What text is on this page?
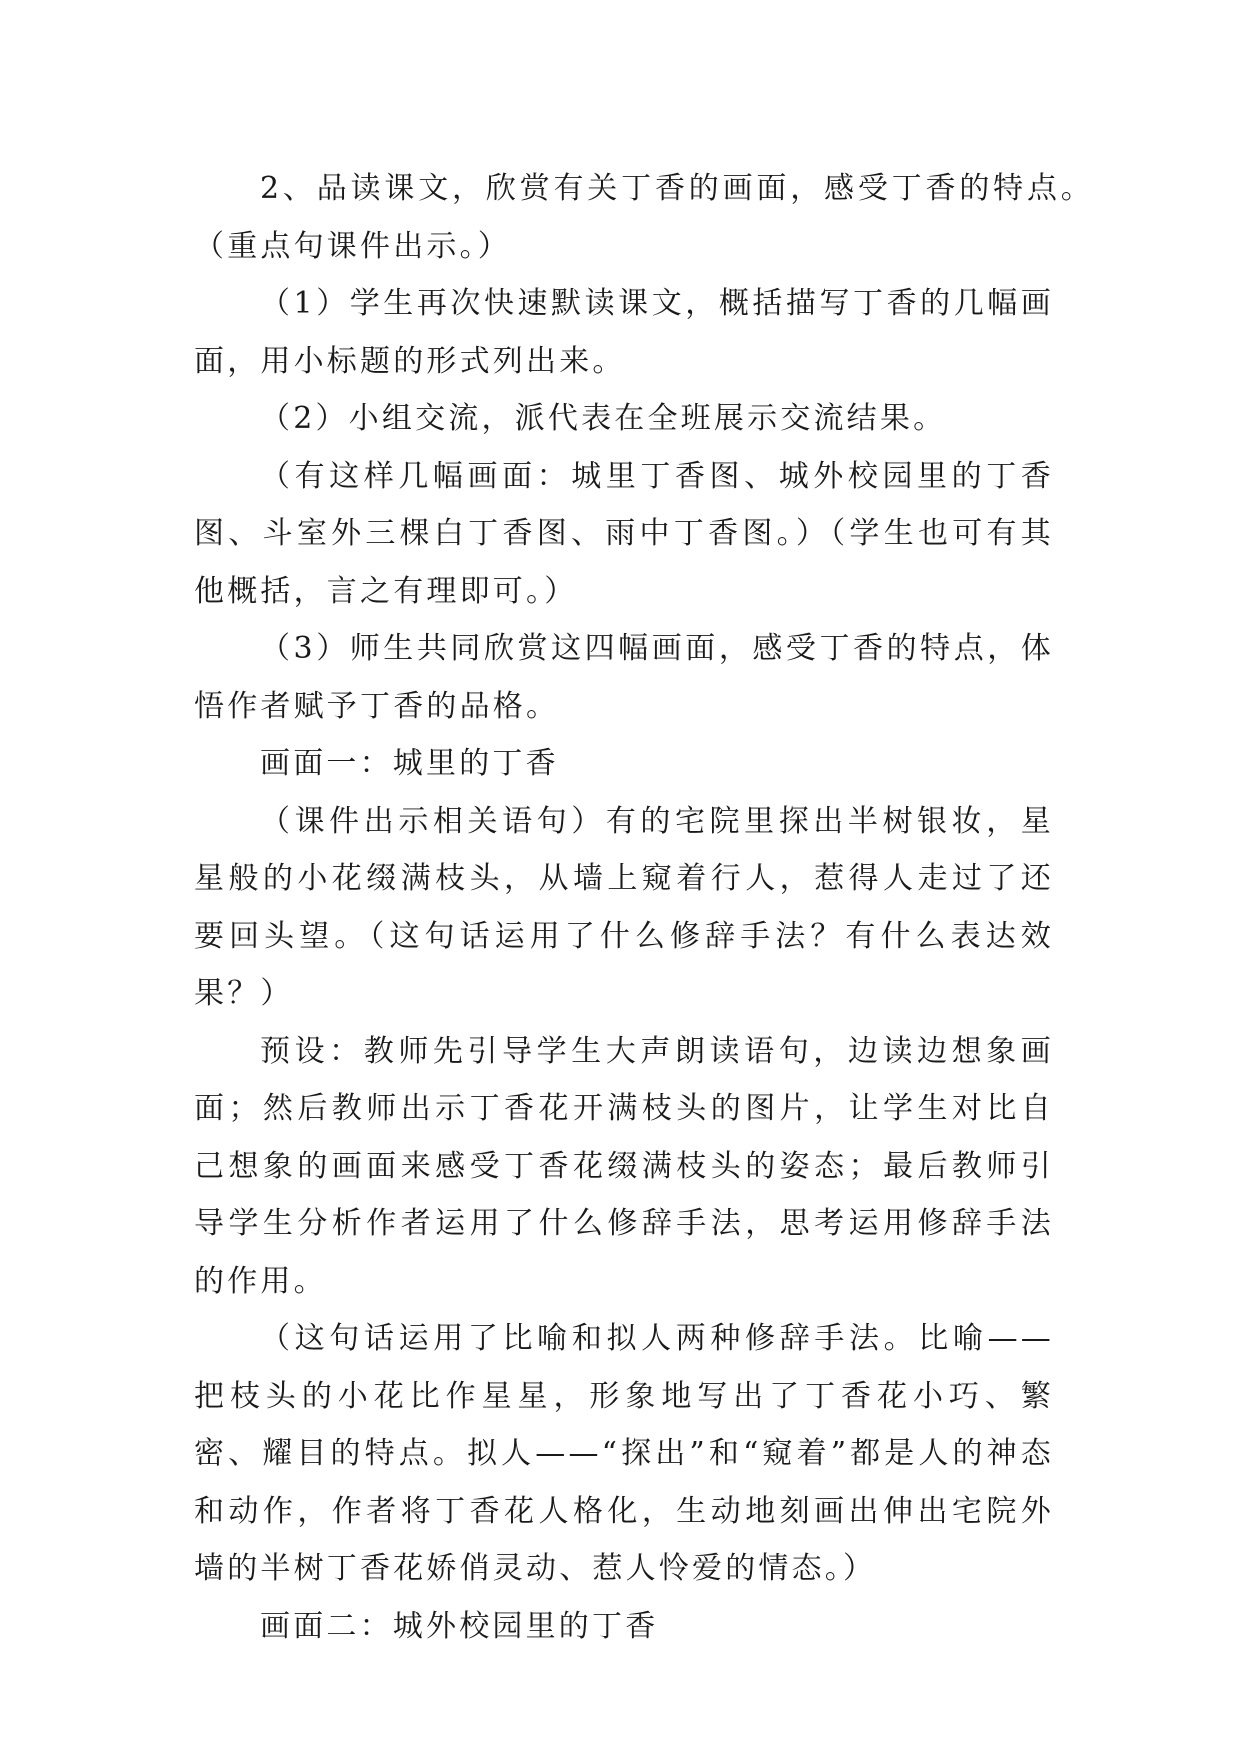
2、品读课文，欣赏有关丁香的画面，感受丁香的特点。（重点句课件出示。）

（1）学生再次快速默读课文，概括描写丁香的几幅画面，用小标题的形式列出来。

（2）小组交流，派代表在全班展示交流结果。

（有这样几幅画面：城里丁香图、城外校园里的丁香图、斗室外三棵白丁香图、雨中丁香图。）（学生也可有其他概括，言之有理即可。）

（3）师生共同欣赏这四幅画面，感受丁香的特点，体悟作者赋予丁香的品格。

画面一：城里的丁香

（课件出示相关语句）有的宅院里探出半树银妆，星星般的小花缀满枝头，从墙上窥着行人，惹得人走过了还要回头望。（这句话运用了什么修辞手法？有什么表达效果？）

预设：教师先引导学生大声朗读语句，边读边想象画面；然后教师出示丁香花开满枝头的图片，让学生对比自己想象的画面来感受丁香花缀满枝头的姿态；最后教师引导学生分析作者运用了什么修辞手法，思考运用修辞手法的作用。

（这句话运用了比喻和拟人两种修辞手法。比喻——把枝头的小花比作星星，形象地写出了丁香花小巧、繁密、耀目的特点。拟人——“探出”和“窥着”都是人的神态和动作，作者将丁香花人格化，生动地刻画出伸出宅院外墙的半树丁香花娇俏灵动、惹人怜爱的情态。）

画面二：城外校园里的丁香
